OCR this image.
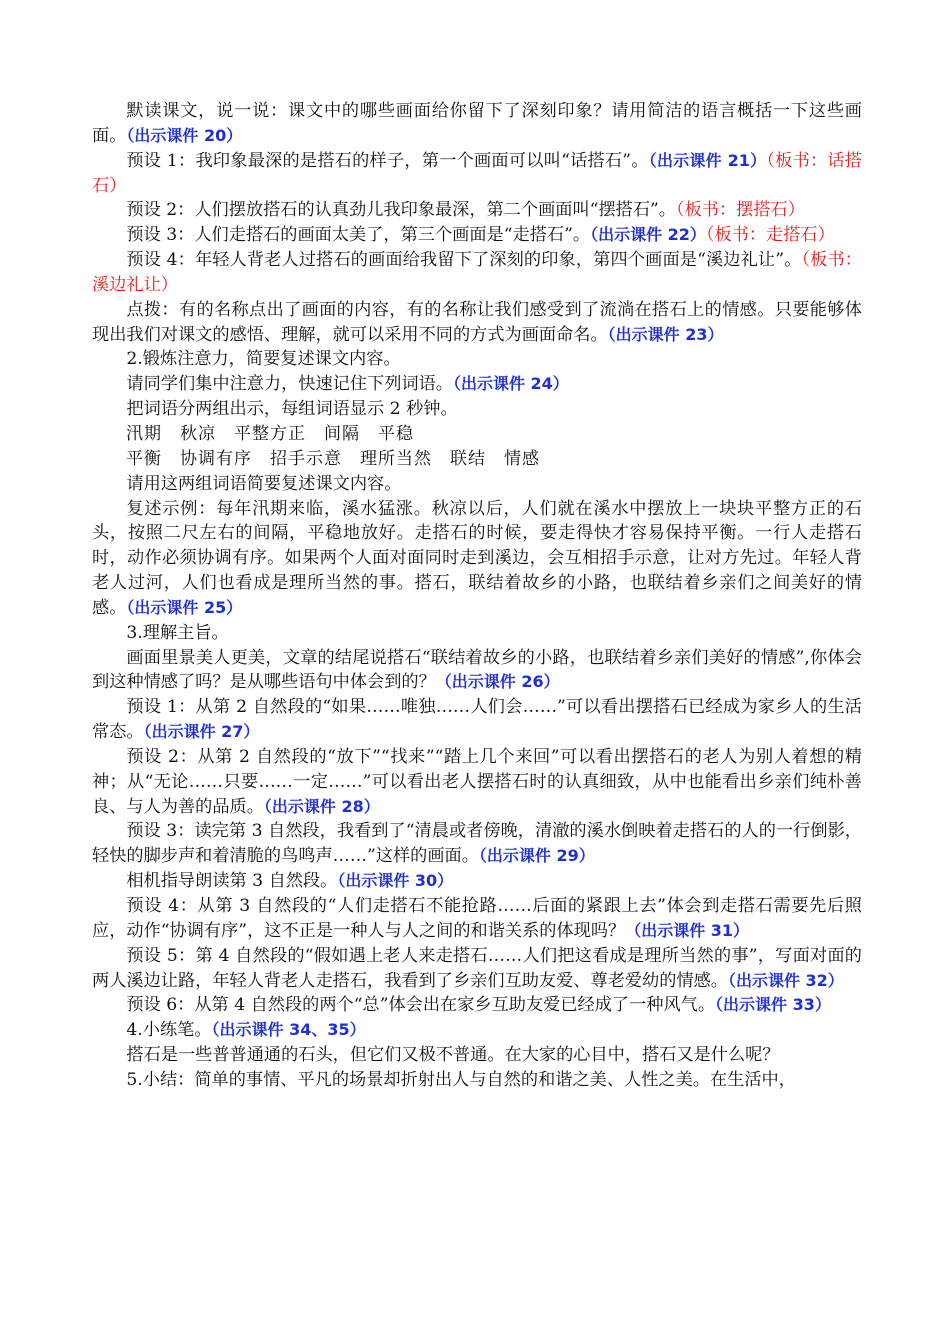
默读课文，说一说：课文中的哪些画面给你留下了深刻印象？请用简洁的语言概括一下这些画面。（出示课件 20）

预设 1：我印象最深的是搭石的样子，第一个画面可以叫“话搭石”。（出示课件 21）（板书：话搭石）

预设 2：人们摆放搭石的认真劲儿我印象最深，第二个画面叫“摆搭石”。（板书：摆搭石）

预设 3：人们走搭石的画面太美了，第三个画面是“走搭石”。（出示课件 22）（板书：走搭石）

预设 4：年轻人背老人过搭石的画面给我留下了深刻的印象，第四个画面是“溪边礼让”。（板书：溪边礼让）

点拨：有的名称点出了画面的内容，有的名称让我们感受到了流淌在搭石上的情感。只要能够体现出我们对课文的感悟、理解，就可以采用不同的方式为画面命名。（出示课件 23）

2.锻炼注意力，简要复述课文内容。

请同学们集中注意力，快速记住下列词语。（出示课件 24）

把词语分两组出示，每组词语显示 2 秒钟。

汛期 秋凉 平整方正 间隔 平稳

平衡 协调有序 招手示意 理所当然 联结 情感

请用这两组词语简要复述课文内容。

复述示例：每年汛期来临，溪水猛涨。秋凉以后，人们就在溪水中摆放上一块块平整方正的石头，按照二尺左右的间隔，平稳地放好。走搭石的时候，要走得快才容易保持平衡。一行人走搭石时，动作必须协调有序。如果两个人面对面同时走到溪边，会互相招手示意，让对方先过。年轻人背老人过河，人们也看成是理所当然的事。搭石，联结着故乡的小路，也联结着乡亲们之间美好的情感。（出示课件 25）

3.理解主旨。

画面里景美人更美，文章的结尾说搭石“联结着故乡的小路，也联结着乡亲们美好的情感”,你体会到这种情感了吗？是从哪些语句中体会到的？（出示课件 26）

预设 1：从第 2 自然段的“如果……唯独……人们会……”可以看出摆搭石已经成为家乡人的生活常态。（出示课件 27）

预设 2：从第 2 自然段的“放下”“找来”“踏上几个来回”可以看出摆搭石的老人为别人着想的精神；从“无论……只要……一定……”可以看出老人摆搭石时的认真细致，从中也能看出乡亲们纯朴善良、与人为善的品质。（出示课件 28）

预设 3：读完第 3 自然段，我看到了“清晨或者傍晚，清澈的溪水倒映着走搭石的人的一行倒影，轻快的脚步声和着清脆的鸟鸣声……”这样的画面。（出示课件 29）

相机指导朗读第 3 自然段。（出示课件 30）

预设 4：从第 3 自然段的“人们走搭石不能抢路……后面的紧跟上去”体会到走搭石需要先后照应，动作“协调有序”，这不正是一种人与人之间的和谐关系的体现吗？（出示课件 31）

预设 5：第 4 自然段的“假如遇上老人来走搭石……人们把这看成是理所当然的事”，写面对面的两人溪边让路，年轻人背老人走搭石，我看到了乡亲们互助友爱、尊老爱幼的情感。（出示课件 32）

预设 6：从第 4 自然段的两个“总”体会出在家乡互助友爱已经成了一种风气。（出示课件 33）

4.小练笔。（出示课件 34、35）

搭石是一些普普通通的石头，但它们又极不普通。在大家的心目中，搭石又是什么呢？

5.小结：简单的事情、平凡的场景却折射出人与自然的和谐之美、人性之美。在生活中，
